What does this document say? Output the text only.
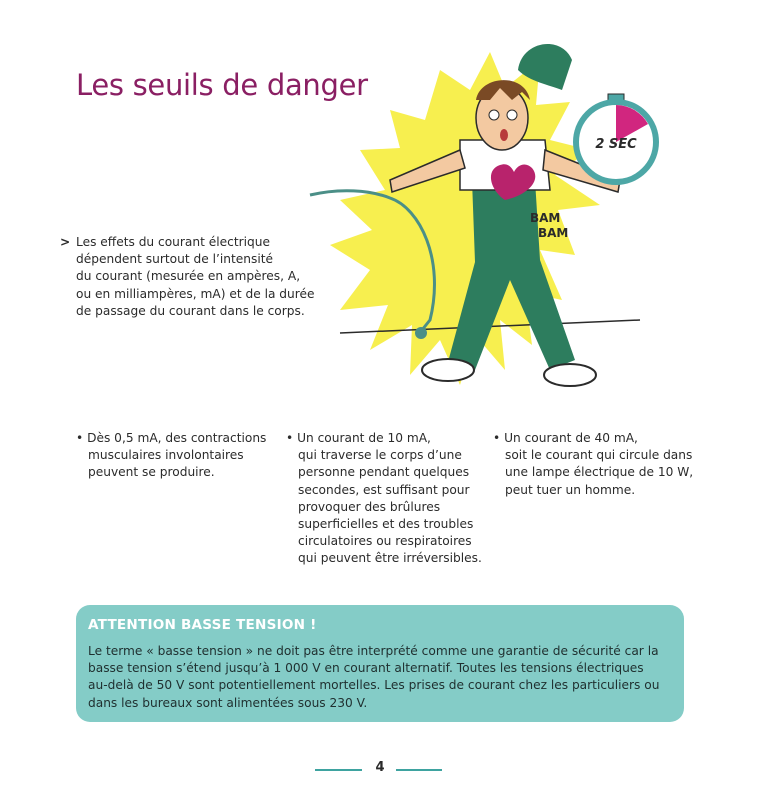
Les seuils de danger
BAM
BAM
2 SEC
> Les effets du courant électrique
dépendent surtout de l’intensité
du courant (mesurée en ampères, A,
ou en milliampères, mA) et de la durée
de passage du courant dans le corps.
• Dès 0,5 mA, des contractions
musculaires involontaires
peuvent se produire.
• Un courant de 10 mA,
qui traverse le corps d’une
personne pendant quelques
secondes, est suffisant pour
provoquer des brûlures
superficielles et des troubles
circulatoires ou respiratoires
qui peuvent être irréversibles.
• Un courant de 40 mA,
soit le courant qui circule dans
une lampe électrique de 10 W,
peut tuer un homme.
ATTENTION BASSE TENSION !
Le terme « basse tension » ne doit pas être interprété comme une garantie de sécurité car la
basse tension s’étend jusqu’à 1 000 V en courant alternatif. Toutes les tensions électriques
au-delà de 50 V sont potentiellement mortelles. Les prises de courant chez les particuliers ou
dans les bureaux sont alimentées sous 230 V.
4
